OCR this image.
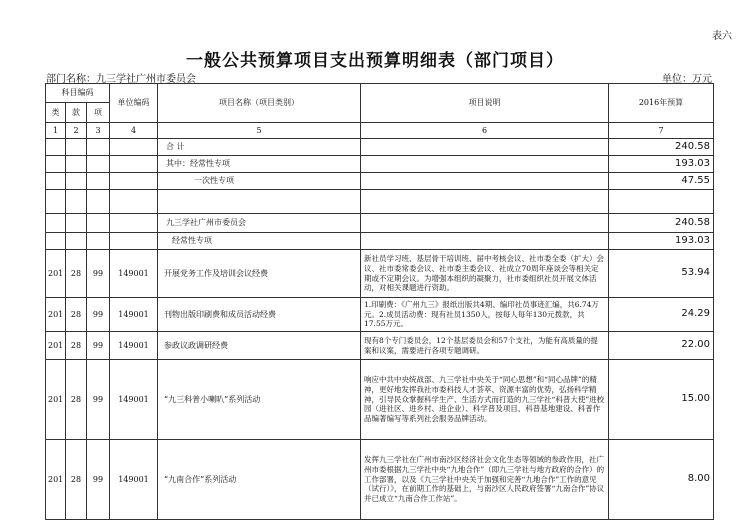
表六
一般公共预算项目支出预算明细表（部门项目）
部门名称：九三学社广州市委员会	单位：万元
科目编码			单位编码	项目名称（项目类别）	项目说明	2016年预算
类	款	项				
1	2	3	4	5	6	7
				合 计		240.58
				其中：经常性专项		193.03
				一次性专项		47.55

				九三学社广州市委员会		240.58
				经常性专项		193.03
201	28	99	149001	开展党务工作及培训会议经费	新社员学习班、基层骨干培训班、届中考核会议、社市委全委（扩大）会议、社市委常委会议、社市委主委会议、社成立70周年座谈会等相关定期或不定期会议。为增强本组织的凝聚力，社市委组织社员开展文体活动，对相关课题进行资助。	53.94
201	28	99	149001	刊物出版印刷费和成员活动经费	1.印刷费：《广州九三》报纸出版共4期、编印社员事迹汇编，共6.74万元。2.成员活动费：现有社员1350人，按每人每年130元拨款，共17.55万元。	24.29
201	28	99	149001	参政议政调研经费	现有8个专门委员会，12个基层委员会和57个支社，为能有高质量的提案和议案，需要进行各项专题调研。	22.00
201	28	99	149001	“九三科普小喇叭”系列活动	响应中共中央统战部、九三学社中央关于“同心思想”和“同心品牌”的精神，更好地发挥我社市委科技人才荟萃、资源丰富的优势，弘扬科学精神，引导民众掌握科学生产、生活方式而打造的九三学社“科普大使”进校园（进社区、进乡村、进企业）、科学普及项目、科普基地建设、科普作品编著编写等系列社会服务品牌活动。	15.00
201	28	99	149001	“九南合作”系列活动	发挥九三学社在广州市南沙区经济社会文化生态等领域的参政作用，社广州市委根据九三学社中央“九地合作”（即九三学社与地方政府的合作）的工作部署，以及《九三学社中央关于加强和完善“九地合作”工作的意见（试行）》，在前期工作的基础上，与南沙区人民政府签署“九南合作”协议并已成立“九南合作工作站”。	8.00
